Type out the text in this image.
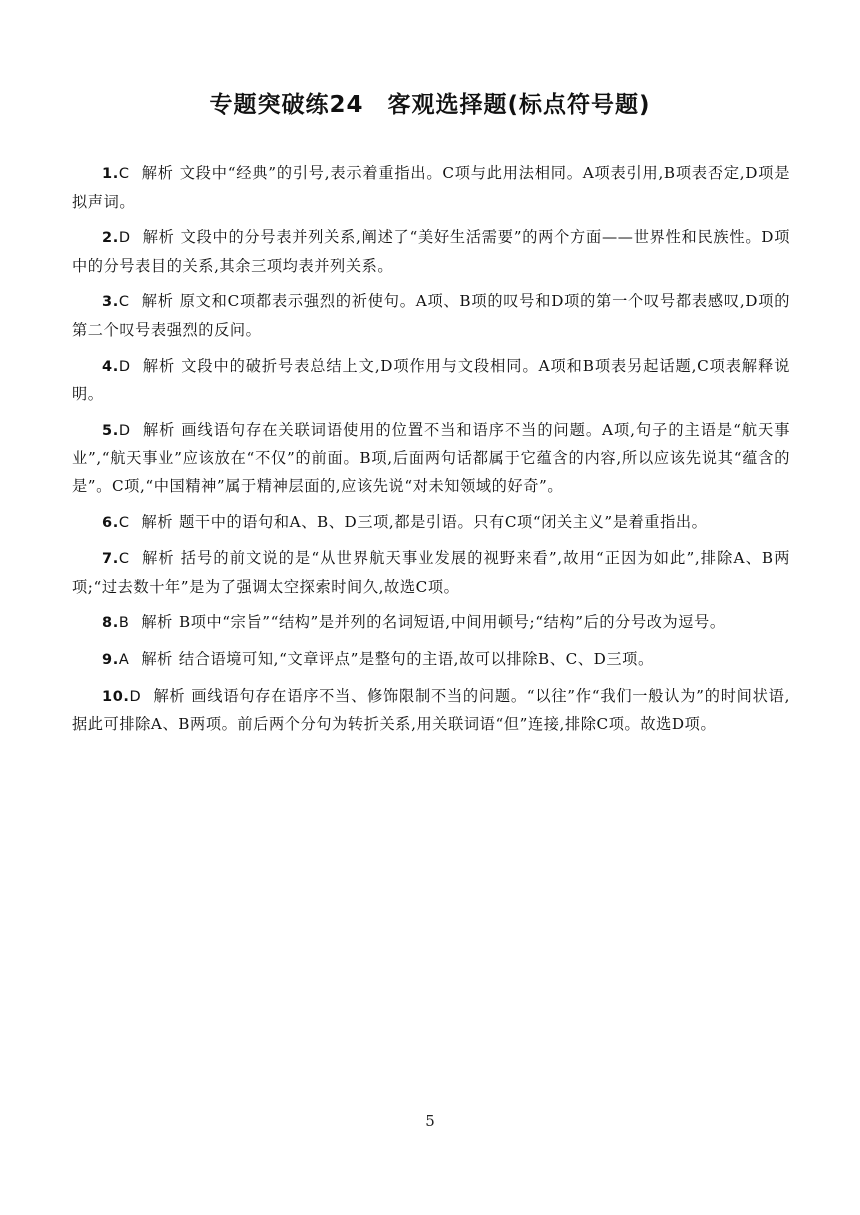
专题突破练24　客观选择题(标点符号题)
1.C 解析 文段中“经典”的引号,表示着重指出。C项与此用法相同。A项表引用,B项表否定,D项是拟声词。
2.D 解析 文段中的分号表并列关系,阐述了“美好生活需要”的两个方面——世界性和民族性。D项中的分号表目的关系,其余三项均表并列关系。
3.C 解析 原文和C项都表示强烈的祈使句。A项、B项的叹号和D项的第一个叹号都表感叹,D项的第二个叹号表强烈的反问。
4.D 解析 文段中的破折号表总结上文,D项作用与文段相同。A项和B项表另起话题,C项表解释说明。
5.D 解析 画线语句存在关联词语使用的位置不当和语序不当的问题。A项,句子的主语是“航天事业”,“航天事业”应该放在“不仅”的前面。B项,后面两句话都属于它蕴含的内容,所以应该先说其“蕴含的是”。C项,“中国精神”属于精神层面的,应该先说“对未知领域的好奇”。
6.C 解析 题干中的语句和A、B、D三项,都是引语。只有C项“闭关主义”是着重指出。
7.C 解析 括号的前文说的是“从世界航天事业发展的视野来看”,故用“正因为如此”,排除A、B两项;“过去数十年”是为了强调太空探索时间久,故选C项。
8.B 解析 B项中“宗旨”“结构”是并列的名词短语,中间用顿号;“结构”后的分号改为逗号。
9.A 解析 结合语境可知,“文章评点”是整句的主语,故可以排除B、C、D三项。
10.D 解析 画线语句存在语序不当、修饰限制不当的问题。“以往”作“我们一般认为”的时间状语,据此可排除A、B两项。前后两个分句为转折关系,用关联词语“但”连接,排除C项。故选D项。
5
